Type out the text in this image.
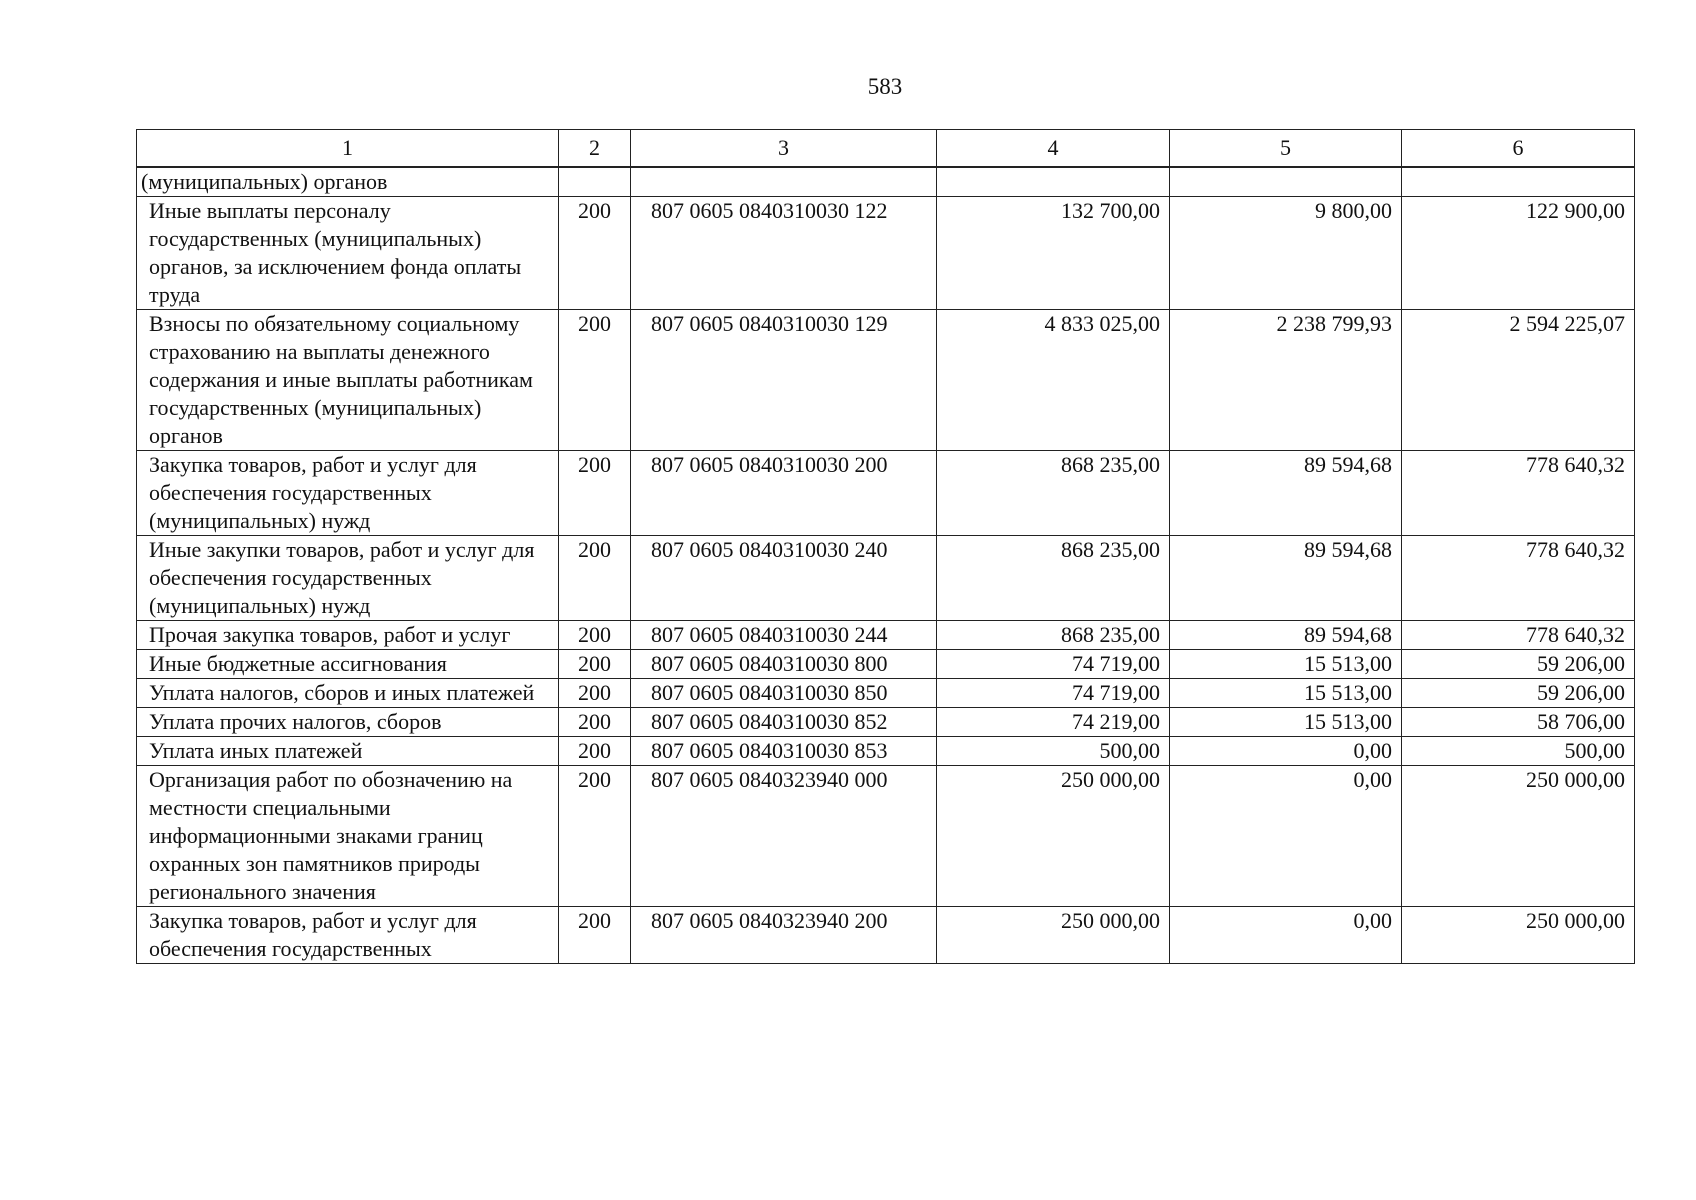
583
1	2	3	4	5	6
(муниципальных) органов					
Иные выплаты персоналу государственных (муниципальных) органов, за исключением фонда оплаты труда	200	807 0605 0840310030 122	132 700,00	9 800,00	122 900,00
Взносы по обязательному социальному страхованию на выплаты денежного содержания и иные выплаты работникам государственных (муниципальных) органов	200	807 0605 0840310030 129	4 833 025,00	2 238 799,93	2 594 225,07
Закупка товаров, работ и услуг для обеспечения государственных (муниципальных) нужд	200	807 0605 0840310030 200	868 235,00	89 594,68	778 640,32
Иные закупки товаров, работ и услуг для обеспечения государственных (муниципальных) нужд	200	807 0605 0840310030 240	868 235,00	89 594,68	778 640,32
Прочая закупка товаров, работ и услуг	200	807 0605 0840310030 244	868 235,00	89 594,68	778 640,32
Иные бюджетные ассигнования	200	807 0605 0840310030 800	74 719,00	15 513,00	59 206,00
Уплата налогов, сборов и иных платежей	200	807 0605 0840310030 850	74 719,00	15 513,00	59 206,00
Уплата прочих налогов, сборов	200	807 0605 0840310030 852	74 219,00	15 513,00	58 706,00
Уплата иных платежей	200	807 0605 0840310030 853	500,00	0,00	500,00
Организация работ по обозначению на местности специальными информационными знаками границ охранных зон памятников природы регионального значения	200	807 0605 0840323940 000	250 000,00	0,00	250 000,00
Закупка товаров, работ и услуг для обеспечения государственных	200	807 0605 0840323940 200	250 000,00	0,00	250 000,00
